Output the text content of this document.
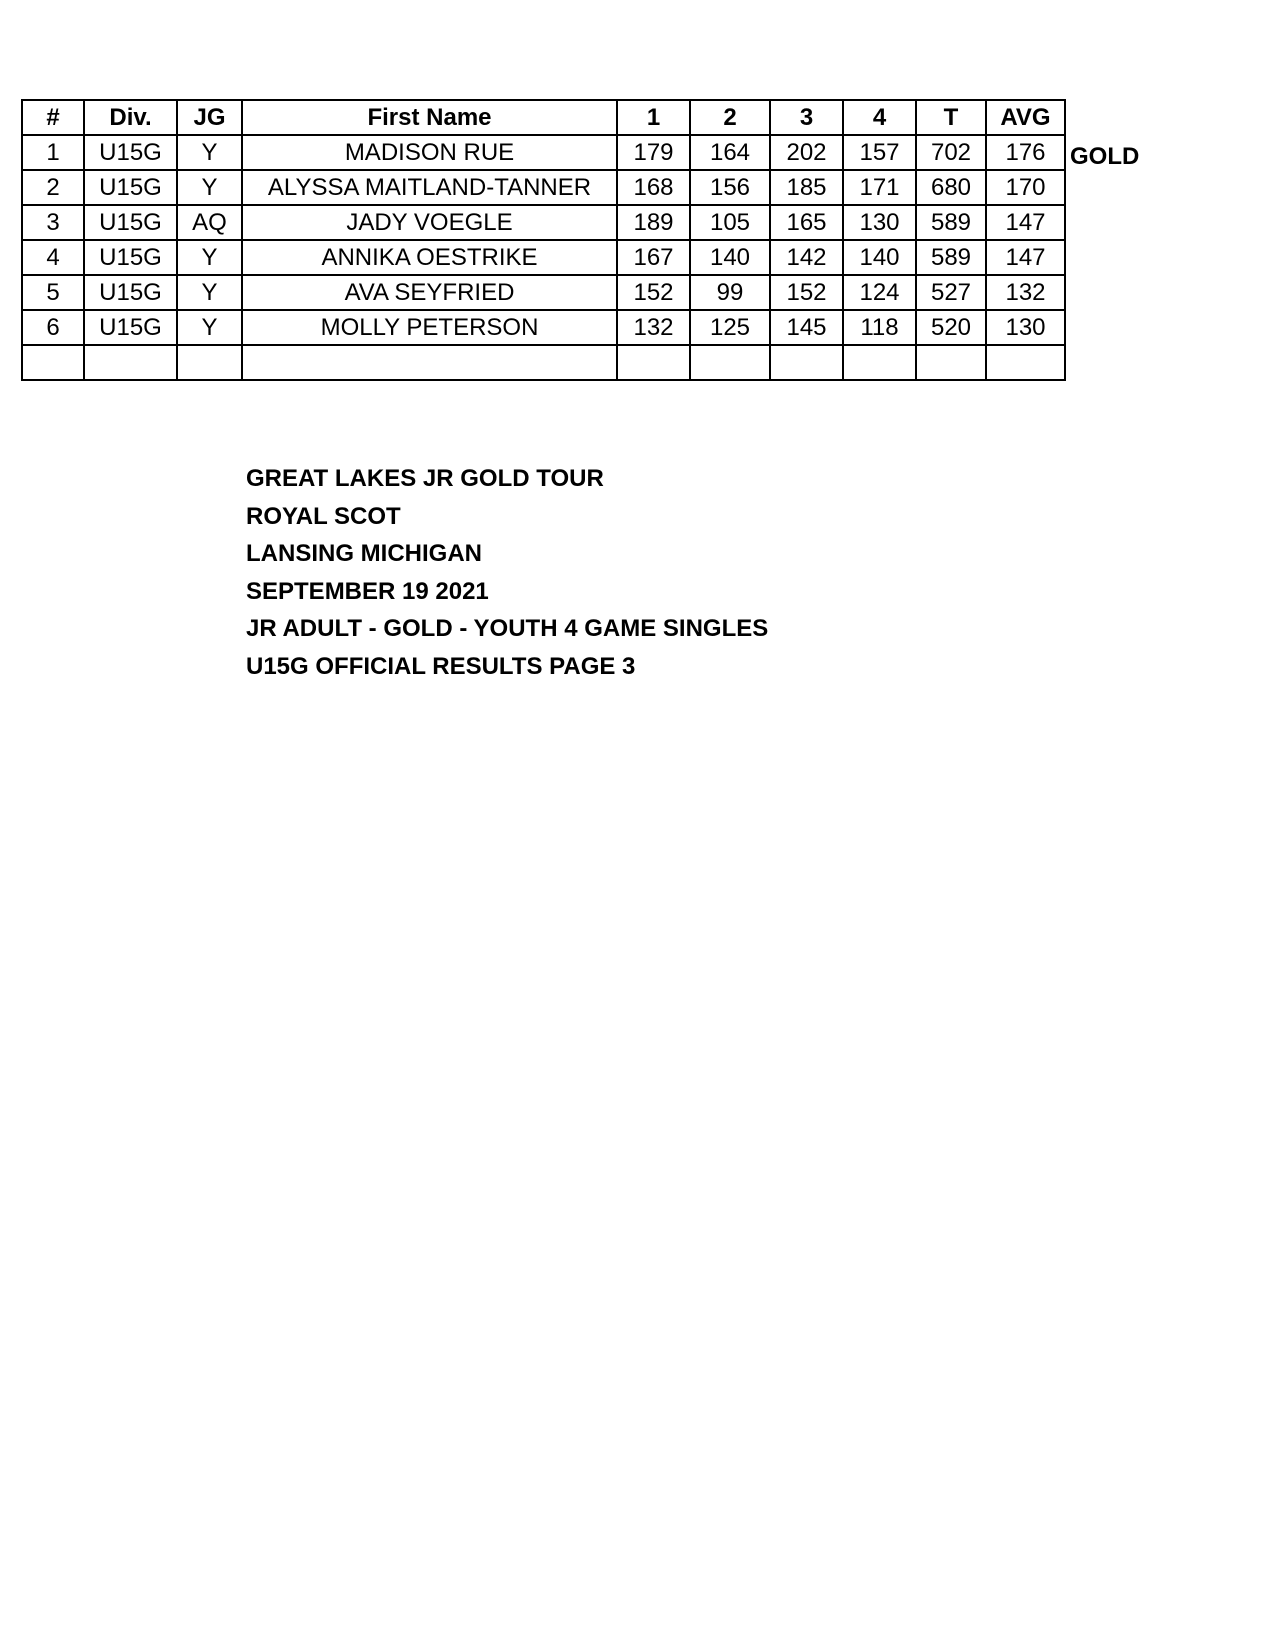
#	Div.	JG	First Name	1	2	3	4	T	AVG
1	U15G	Y	MADISON RUE	179	164	202	157	702	176
2	U15G	Y	ALYSSA MAITLAND-TANNER	168	156	185	171	680	170
3	U15G	AQ	JADY VOEGLE	189	105	165	130	589	147
4	U15G	Y	ANNIKA OESTRIKE	167	140	142	140	589	147
5	U15G	Y	AVA SEYFRIED	152	99	152	124	527	132
6	U15G	Y	MOLLY PETERSON	132	125	145	118	520	130

GOLD
GREAT LAKES JR GOLD TOUR
ROYAL SCOT
LANSING MICHIGAN
SEPTEMBER 19 2021
JR ADULT - GOLD - YOUTH 4 GAME SINGLES
U15G OFFICIAL RESULTS PAGE 3
